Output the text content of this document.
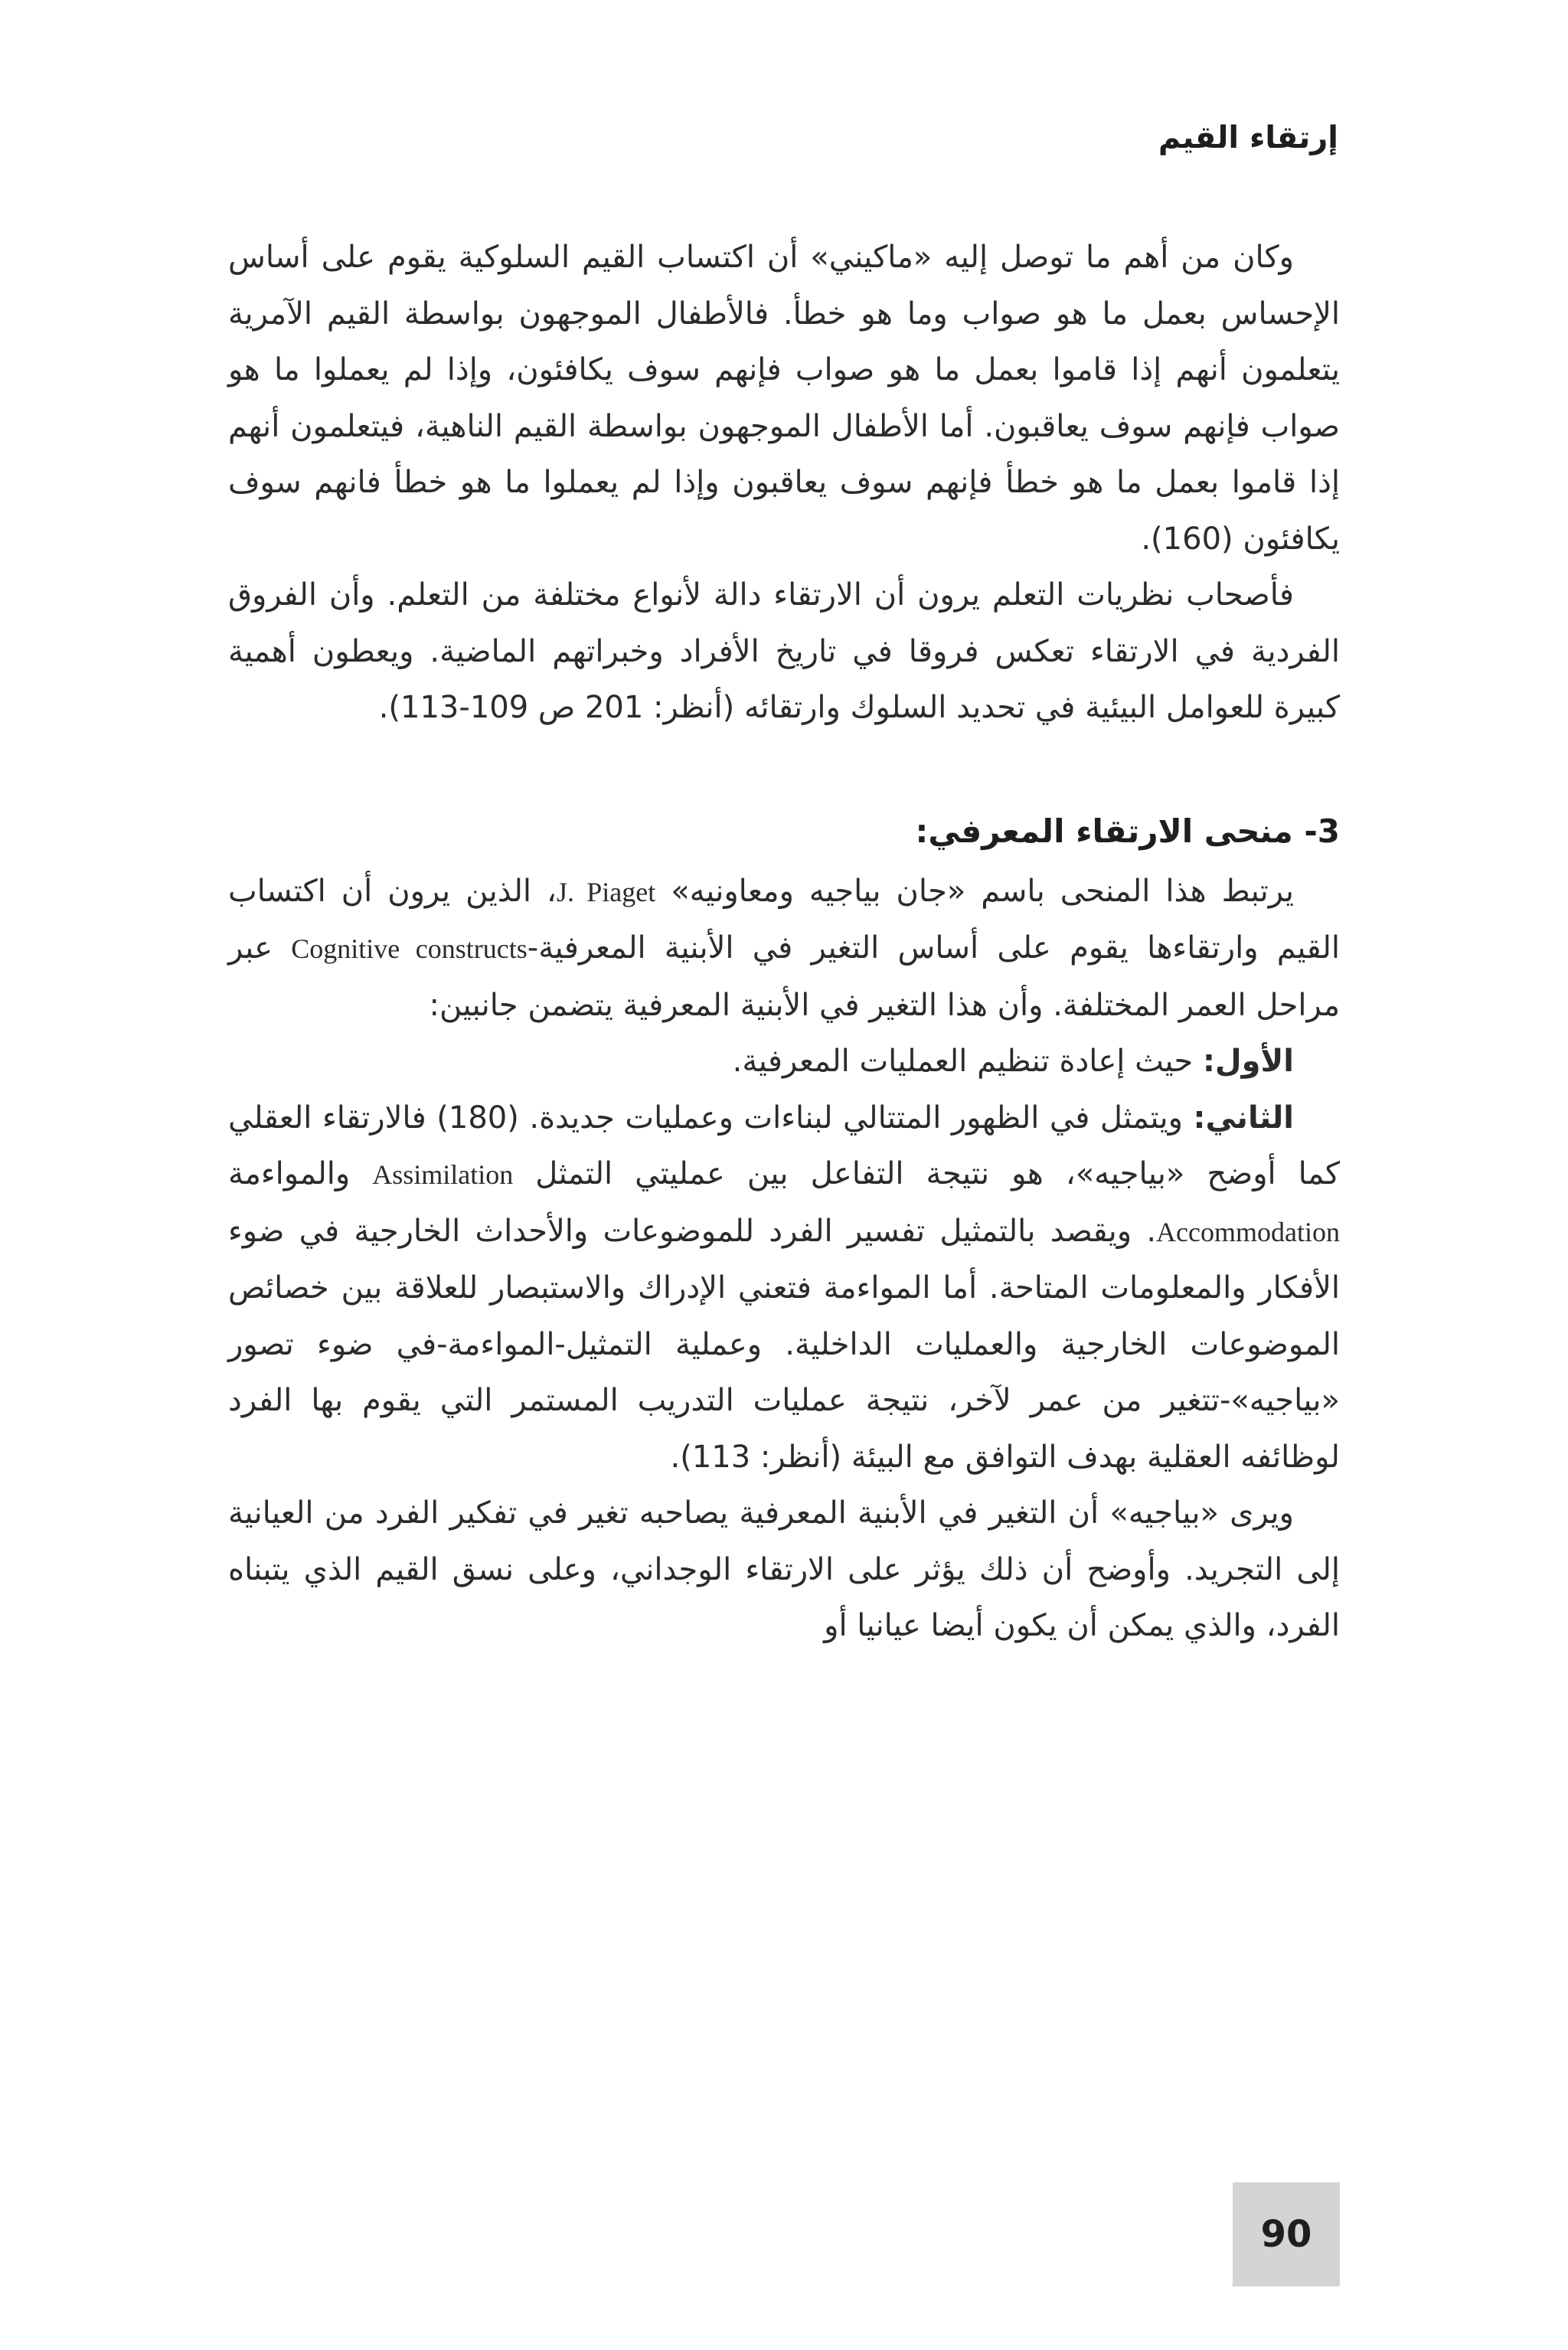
إرتقاء القيم

وكان من أهم ما توصل إليه «ماكيني» أن اكتساب القيم السلوكية يقوم على أساس الإحساس بعمل ما هو صواب وما هو خطأ. فالأطفال الموجهون بواسطة القيم الآمرية يتعلمون أنهم إذا قاموا بعمل ما هو صواب فإنهم سوف يكافئون، وإذا لم يعملوا ما هو صواب فإنهم سوف يعاقبون. أما الأطفال الموجهون بواسطة القيم الناهية، فيتعلمون أنهم إذا قاموا بعمل ما هو خطأ فإنهم سوف يعاقبون وإذا لم يعملوا ما هو خطأ فانهم سوف يكافئون (160).

فأصحاب نظريات التعلم يرون أن الارتقاء دالة لأنواع مختلفة من التعلم. وأن الفروق الفردية في الارتقاء تعكس فروقا في تاريخ الأفراد وخبراتهم الماضية. ويعطون أهمية كبيرة للعوامل البيئية في تحديد السلوك وارتقائه (أنظر: 201 ص 109-113).

3- منحى الارتقاء المعرفي:

يرتبط هذا المنحى باسم «جان بياجيه ومعاونيه» J. Piaget، الذين يرون أن اكتساب القيم وارتقاءها يقوم على أساس التغير في الأبنية المعرفية-Cognitive constructs عبر مراحل العمر المختلفة. وأن هذا التغير في الأبنية المعرفية يتضمن جانبين:

الأول: حيث إعادة تنظيم العمليات المعرفية.

الثاني: ويتمثل في الظهور المتتالي لبناءات وعمليات جديدة. (180) فالارتقاء العقلي كما أوضح «بياجيه»، هو نتيجة التفاعل بين عمليتي التمثل Assimilation والمواءمة Accommodation. ويقصد بالتمثيل تفسير الفرد للموضوعات والأحداث الخارجية في ضوء الأفكار والمعلومات المتاحة. أما المواءمة فتعني الإدراك والاستبصار للعلاقة بين خصائص الموضوعات الخارجية والعمليات الداخلية. وعملية التمثيل-المواءمة-في ضوء تصور «بياجيه»-تتغير من عمر لآخر، نتيجة عمليات التدريب المستمر التي يقوم بها الفرد لوظائفه العقلية بهدف التوافق مع البيئة (أنظر: 113).

ويرى «بياجيه» أن التغير في الأبنية المعرفية يصاحبه تغير في تفكير الفرد من العيانية إلى التجريد. وأوضح أن ذلك يؤثر على الارتقاء الوجداني، وعلى نسق القيم الذي يتبناه الفرد، والذي يمكن أن يكون أيضا عيانيا أو

90
